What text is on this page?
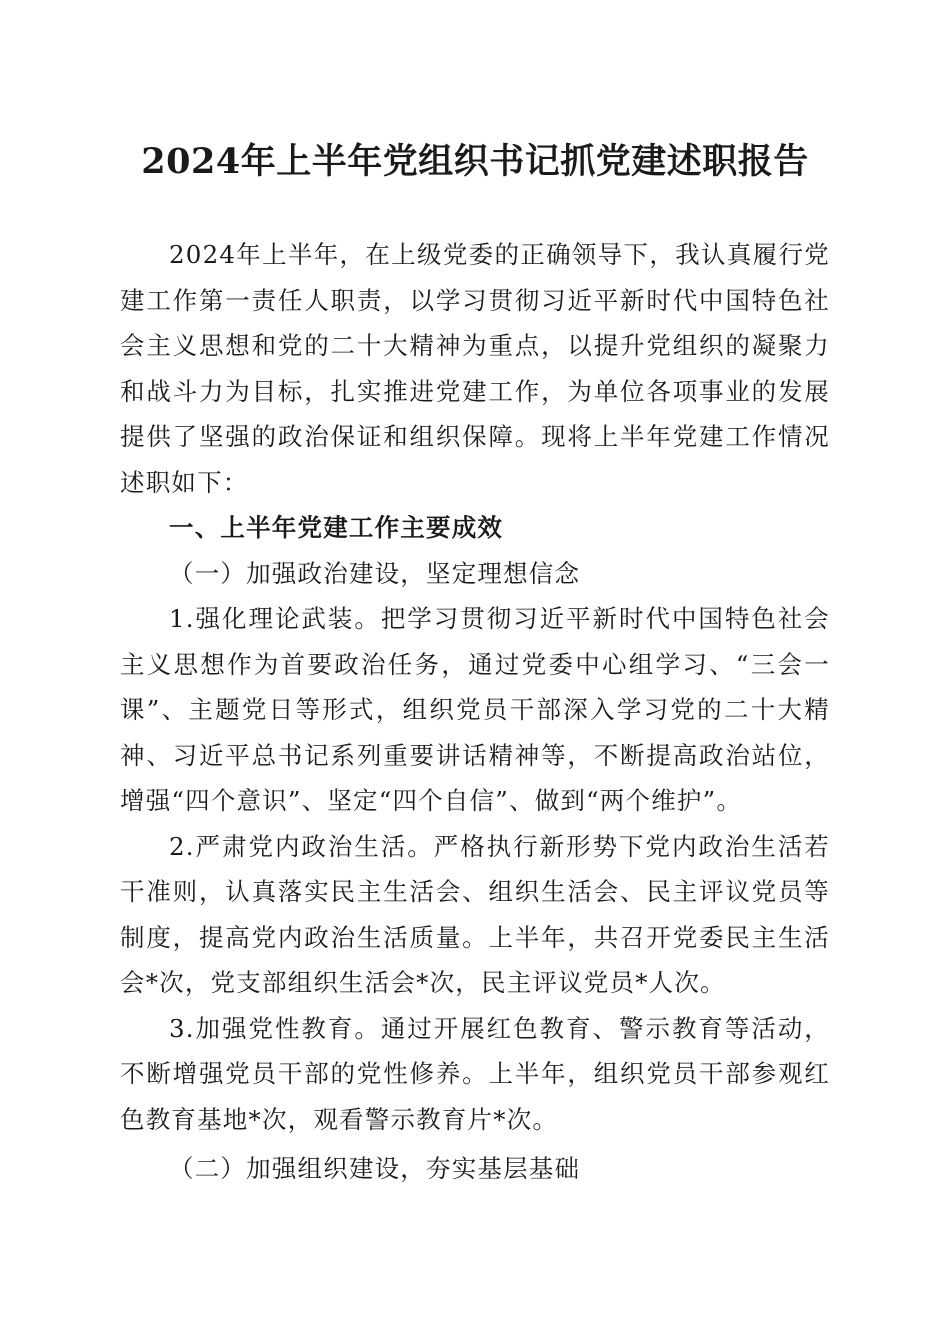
2024年上半年党组织书记抓党建述职报告

2024年上半年，在上级党委的正确领导下，我认真履行党建工作第一责任人职责，以学习贯彻习近平新时代中国特色社会主义思想和党的二十大精神为重点，以提升党组织的凝聚力和战斗力为目标，扎实推进党建工作，为单位各项事业的发展提供了坚强的政治保证和组织保障。现将上半年党建工作情况述职如下：

一、上半年党建工作主要成效
（一）加强政治建设，坚定理想信念

1.强化理论武装。把学习贯彻习近平新时代中国特色社会主义思想作为首要政治任务，通过党委中心组学习、“三会一课”、主题党日等形式，组织党员干部深入学习党的二十大精神、习近平总书记系列重要讲话精神等，不断提高政治站位，增强“四个意识”、坚定“四个自信”、做到“两个维护”。

2.严肃党内政治生活。严格执行新形势下党内政治生活若干准则，认真落实民主生活会、组织生活会、民主评议党员等制度，提高党内政治生活质量。上半年，共召开党委民主生活会*次，党支部组织生活会*次，民主评议党员*人次。

3.加强党性教育。通过开展红色教育、警示教育等活动，不断增强党员干部的党性修养。上半年，组织党员干部参观红色教育基地*次，观看警示教育片*次。

（二）加强组织建设，夯实基层基础
